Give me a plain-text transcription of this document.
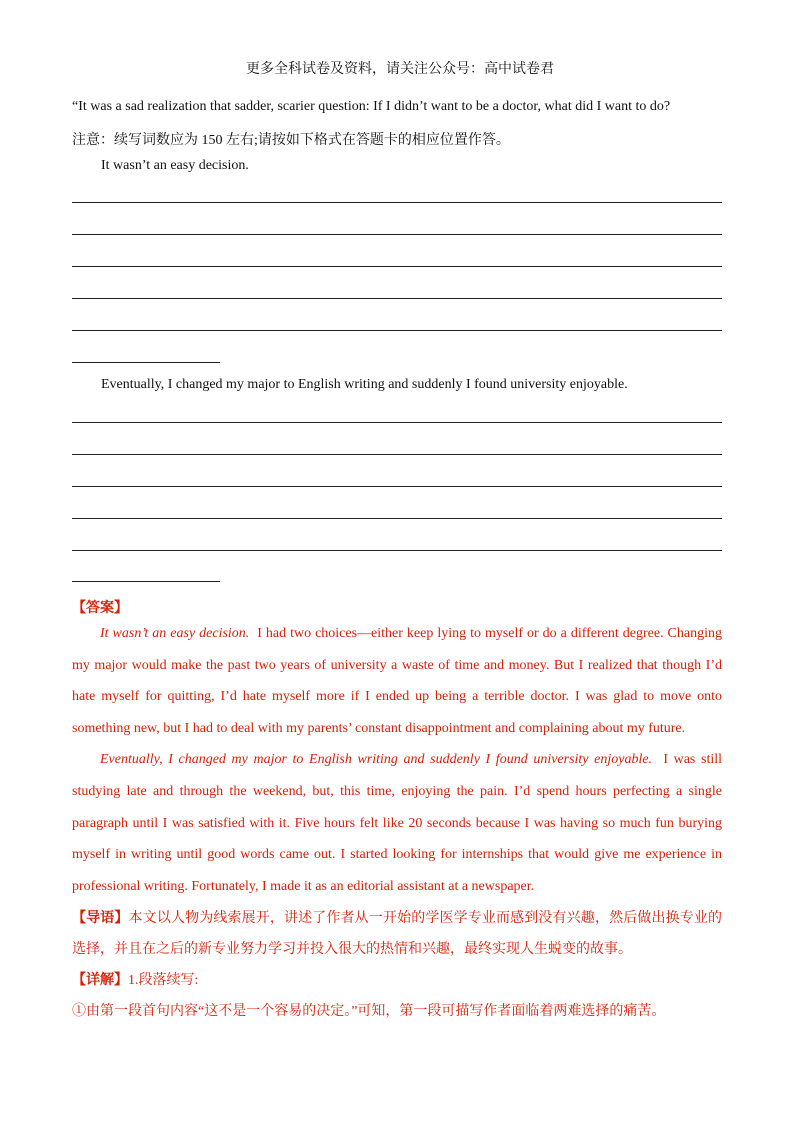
更多全科试卷及资料，请关注公众号：高中试卷君
“It was a sad realization that sadder, scarier question: If I didn’t want to be a doctor, what did I want to do?
注意：续写词数应为 150 左右;请按如下格式在答题卡的相应位置作答。
It wasn’t an easy decision.
Eventually, I changed my major to English writing and suddenly I found university enjoyable.
【答案】

It wasn’t an easy decision. I had two choices—either keep lying to myself or do a different degree. Changing my major would make the past two years of university a waste of time and money. But I realized that though I’d hate myself for quitting, I’d hate myself more if I ended up being a terrible doctor. I was glad to move onto something new, but I had to deal with my parents’ constant disappointment and complaining about my future.

Eventually, I changed my major to English writing and suddenly I found university enjoyable. I was still studying late and through the weekend, but, this time, enjoying the pain. I’d spend hours perfecting a single paragraph until I was satisfied with it. Five hours felt like 20 seconds because I was having so much fun burying myself in writing until good words came out. I started looking for internships that would give me experience in professional writing. Fortunately, I made it as an editorial assistant at a newspaper.

【导语】本文以人物为线索展开，讲述了作者从一开始的学医学专业而感到没有兴趣，然后做出换专业的选择，并且在之后的新专业努力学习并投入很大的热情和兴趣，最终实现人生蜕变的故事。

【详解】1.段落续写:

①由第一段首句内容“这不是一个容易的决定。”可知，第一段可描写作者面临着两难选择的痛苦。
